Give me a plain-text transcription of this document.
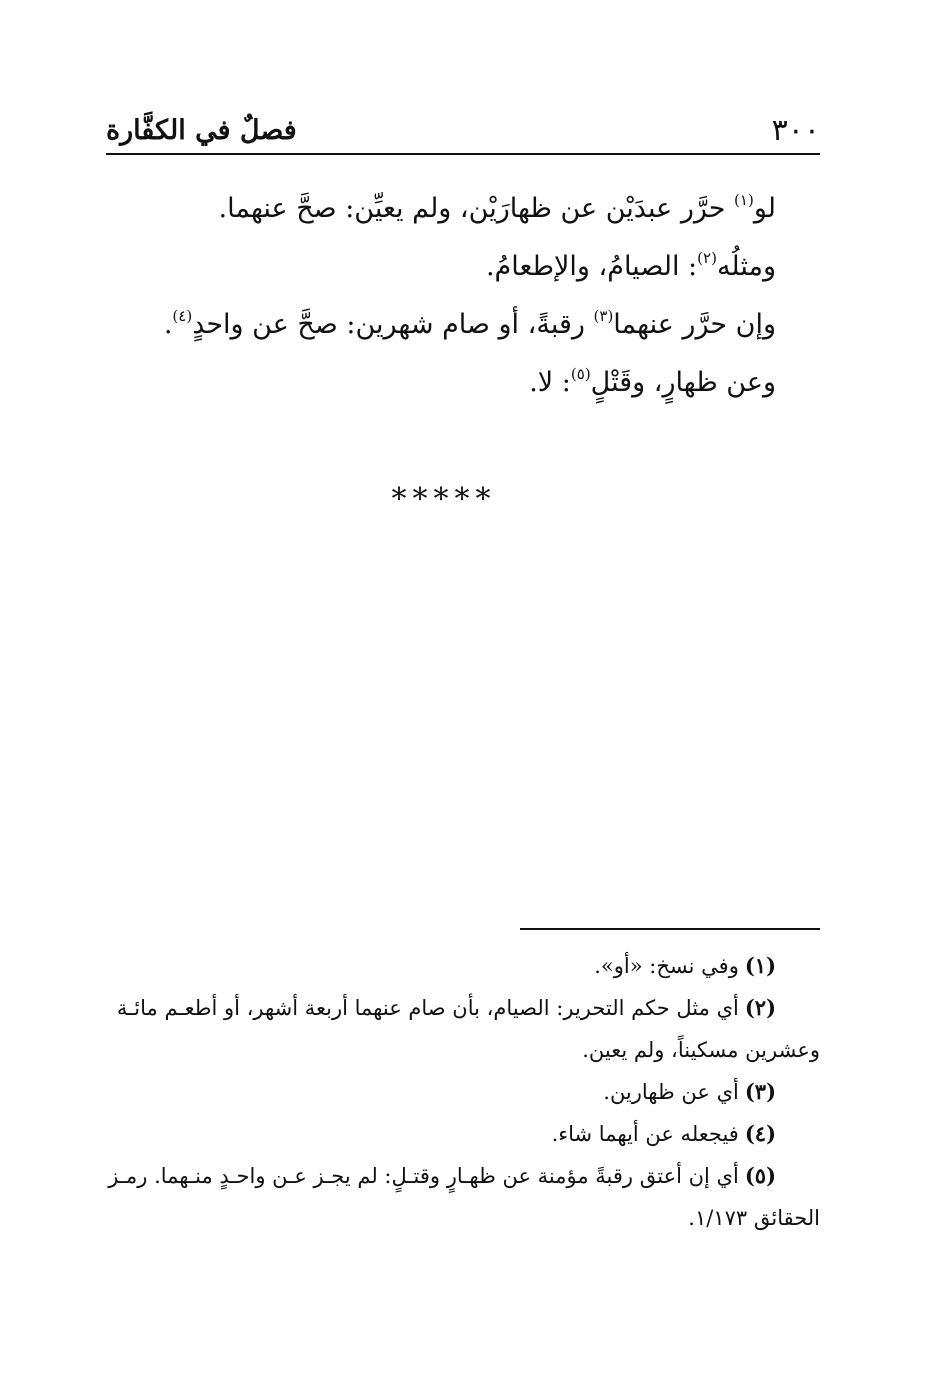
٣٠٠
فصلٌ في الكفَّارة
لو$^{(١)}$ حرَّر عبدَيْن عن ظهارَيْن، ولم يعيِّن: صحَّ عنهما.
ومثلُه$^{(٢)}$: الصيامُ، والإطعامُ.
وإن حرَّر عنهما$^{(٣)}$ رقبةً، أو صام شهرين: صحَّ عن واحدٍ$^{(٤)}$.
وعن ظهارٍ، وقَتْلٍ$^{(٥)}$: لا.
*****
(١)وفي نسخ: «أو».
(٢)أي مثل حكم التحرير: الصيام، بأن صام عنهما أربعة أشهر، أو أطعـم مائـة
وعشرين مسكيناً، ولم يعين.
(٣)أي عن ظهارين.
(٤)فيجعله عن أيهما شاء.
(٥)أي إن أعتق رقبةً مؤمنة عن ظهـارٍ وقتـلٍ: لم يجـز عـن واحـدٍ منـهما. رمـز
الحقائق ١/١٧٣.
